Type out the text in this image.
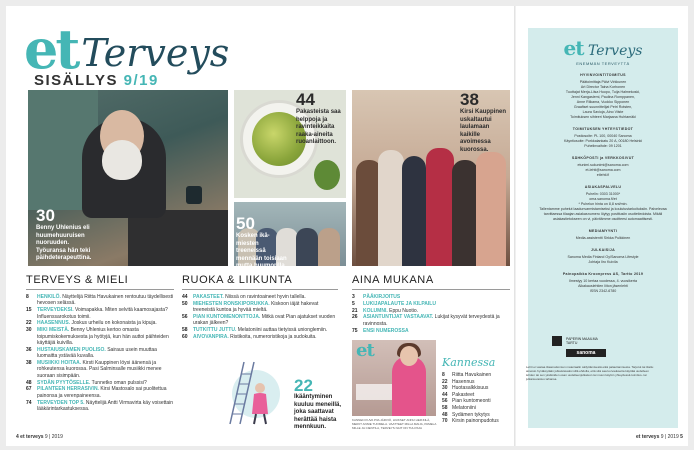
et Terveys
SISÄLLYS 9/19
30
Benny Uhlenius eli huumehuuruisen nuoruuden. Työuransa hän teki päihdeterapeuttina.
44
Pakasteista saa helppoja ja ravinteikkaita raaka-aineita ruoanlaittoon.
50
Kosken ikä-miesten treeneissä mennään toisiaan mutta huumorilla.
38
Kirsi Kauppinen uskaltautui laulamaan kaikille avoimessa kuorossa.
TERVEYS & MIELI
8	HENKILÖ. Näyttelijä Riitta Havukainen rentoutuu täydellisesti hevosen selässä.
15	TERVEYDEKSI. Voimapakka. Miten selvitä kaamosajasta? Influenssarokotus toimii.
22	HAASENNUS. Joskus urheilu on kokonaista ja kipuja.
30	MIKI MEISTÄ. Benny Uhlenius kertoo omasta toipumiskokemuksesta ja hyötyjä, kun hän auttoi päihteiden käyttäjiä kuivilla.
36	HUSTAIUSKAMEN PUOLISO. Sairaus usein muuttaa luomaitta ystävää kuvalla.
38	MUSIIKKI HOITAA. Kirsti Kauppinen löysi äänensä ja rohkeutensa kuorossa. Pasi Salminsalle musiikki menee suoraan sisimpään.
48	SYDÄN PYYTÖSELLE. Tunnetko oman pulssisi?
67	PILANTEEN HERRASIVIN. Kirsi Mastosalo sai puolitettua painonsa ja verenpaineensa.
74	TERVEYDEN TOP 5. Näyttelijä Antti Virmavirta käy voisettain lääkärintarkastuksessa.
RUOKA & LIIKUNTA
44	PAKASTEET. Niissä on ravintoaineet hyvin tallella.
50	MIEHESTEN RONSKIPORUKKA. Kiskoon iäjät hakevat treeneistä kuntoa ja hyvää mieltä.
56	PIAN KUNTOMENONTTOJA. Mitkä ovat Pian ajatukset vuoden urakan jälkeen?
58	TUTKITTU JUTTU. Melatoniini auttaa tietyissä unionglemiin.
60	AIVOVANPIRA. Ristikoita, numeroristikoja ja sudokuita.
22
Ikääntyminen kuuluu meneillä, joka saattavat herättää haista mennkuun.
AINA MUKANA
3	PÄÄKIRJOITUS
5	LUKIJAPALAUTE JA KILPAILU
21	KOLUMNI. Eppu Nuotio.
26	ASIANTUNTIJAT VASTAAVAT. Lukijat kysyvät terveydestä ja ravinnosta.
75	ENSI NUMEROSSA
et
KANNEN KUVA PIIA JÄRVIÖ, HIUKSET ANNU HEIKKILÄ, MEIKIT ANNIE TUOMELA. VAATTEET MILLA MAIJA, PAMELA MILLE JA CIENTILA, TERVEYS NAIT ON TULOSJA
Kannessa
8	Riitta Havukainen
22 Hasennus
30 Huotasalkkisuus
44 Pakasteet
56 Pian kuntomeonti
58 Melatoniini
48 Sydämen tykytys
70 Kirsin painonpudotus
4 et terveys 9 | 2019
et Terveys
ENEMMÄN TERVEYTTÄ
HYVINVOINTITOIMITUS
Päätoimittaja Päivi Virkkunen
Art Director Taina Korhonen
Tuottajat Merja-Liisa Huopo, Tuija Halmekoski,
Jenni Kangaslemi, Paulina Romppanen,
Anne Riikama, Vuokko Sipponen
Graafiset suunnittelijat Petri Rotsten,
Laura Savioja, Aino Viiste
Toimituksen sihteeri Marjaana Huhtamäki
TOIMITUKSEN YHTEYSTIEDOT
Postiosoite: PL 100, 00040 Sanoma
Käyntiosoite: Porkkalankatu 20 A, 00180 Helsinki
Puhelinvaihde: 09 1201
SÄHKÖPOSTI ja VERKKOSIVUT
etunimi.sukunimi@sanoma.com
et-lehti@sanoma.com
etlehti.fi
ASIAKASPALVELU
Puhelin: 0303 31000*
oma.sanoma.fi/et
* Puhelun hinta on 8,8 snt/min.
Tallentamme puhelut laadunvarmistamiseksi ja koulutustarkoituksiin. Palvelevaa tarvittaessa tilaajan asiakasnumero löytyy postitusiin osoitetiedoista. Mikäli asiakastietokseen on vi, päivitämme osoitteesi automaattisesti.
MEDIAMYYNTI
Media-assistentti Sirkka Pulkkinen
JULKAISIJA
Sanoma Media Finland Oy/Sanoma Lifestyle
Johtaja Iiro Kuivila
Painopaikka Kroonpress AS, Tartto 2019
Ilmestyy 10 kertaa vuodessa, 4. vuosikerta
Aikakauslehtien liiton jäsenlehti
ISSN 2342-6780
PAPERIN MAAILMA TARTU
sanoma
Lehti ei vastaa tilaamattomien materiaalin säilyttämisestä eikä palauttamisesta. Tarjotut tai tilattu aineisto hyväksytään julkaistavaksi sillä ehdolla, että sitä saa korvauksetta käyttää uudelleen lehden tai sen yksiköiden osan uudelleenjulkaisun tai muun käytön yhteydessä toimitus- tai julkaisuvastuu tahansa.
et terveys 9 | 2019 5
